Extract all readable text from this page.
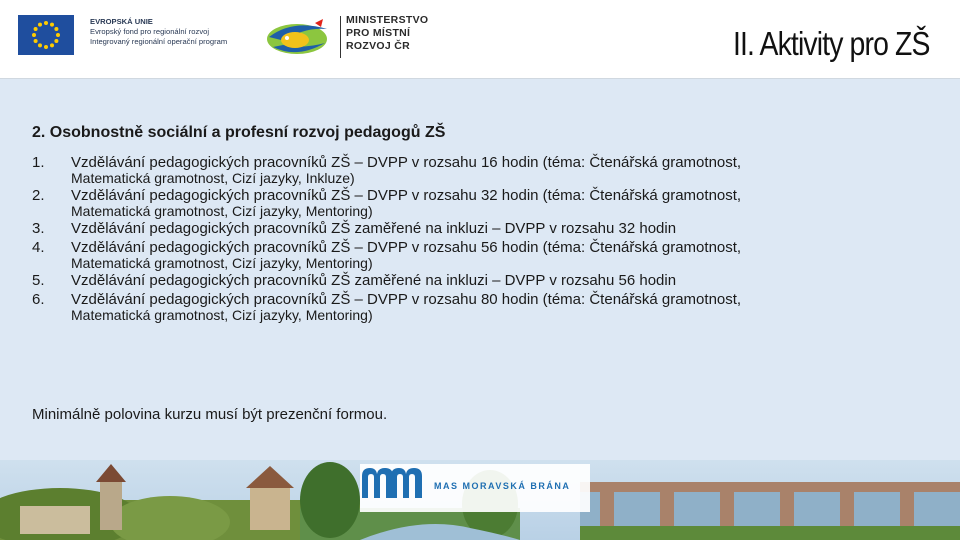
EVROPSKÁ UNIE
Evropský fond pro regionální rozvoj
Integrovaný regionální operační program
MINISTERSTVO
PRO MÍSTNÍ
ROZVOJ ČR	II. Aktivity pro ZŠ
2. Osobnostně sociální a profesní rozvoj pedagogů ZŠ
1. Vzdělávání pedagogických pracovníků ZŠ – DVPP v rozsahu 16 hodin (téma: Čtenářská gramotnost,
Matematická gramotnost, Cizí jazyky, Inkluze)
2. Vzdělávání pedagogických pracovníků ZŠ – DVPP v rozsahu 32 hodin (téma: Čtenářská gramotnost,
Matematická gramotnost, Cizí jazyky, Mentoring)
3. Vzdělávání pedagogických pracovníků ZŠ zaměřené na inkluzi – DVPP v rozsahu 32 hodin
4. Vzdělávání pedagogických pracovníků ZŠ – DVPP v rozsahu 56 hodin (téma: Čtenářská gramotnost,
Matematická gramotnost, Cizí jazyky, Mentoring)
5. Vzdělávání pedagogických pracovníků ZŠ zaměřené na inkluzi – DVPP v rozsahu 56 hodin
6. Vzdělávání pedagogických pracovníků ZŠ – DVPP v rozsahu 80 hodin (téma: Čtenářská gramotnost,
Matematická gramotnost, Cizí jazyky, Mentoring)
Minimálně polovina kurzu musí být prezenční formou.
MAS MORAVSKÁ BRÁNA
